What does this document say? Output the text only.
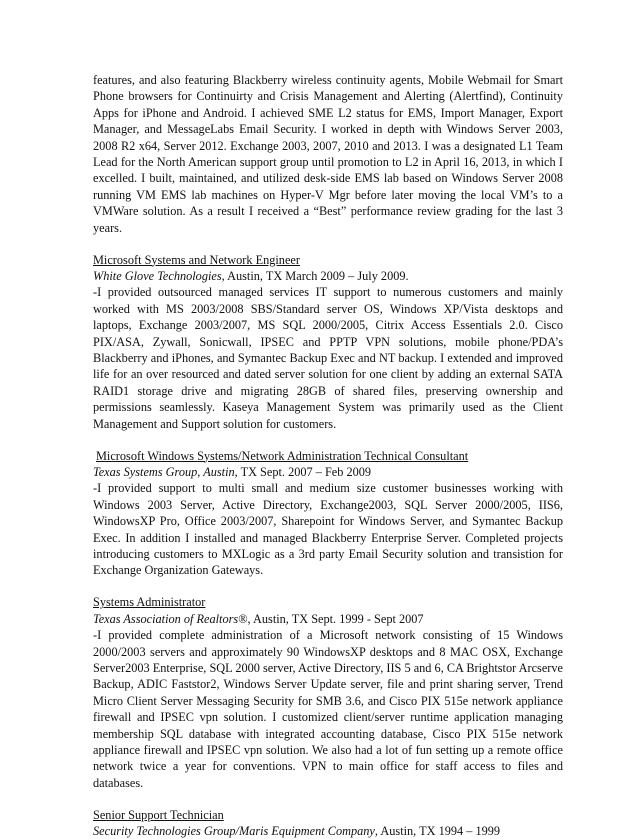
features, and also featuring Blackberry wireless continuity agents, Mobile Webmail for Smart Phone browsers for Continuirty and Crisis Management and Alerting (Alertfind), Continuity Apps for iPhone and Android. I achieved SME L2 status for EMS, Import Manager, Export Manager, and MessageLabs Email Security. I worked in depth with Windows Server 2003, 2008 R2 x64, Server 2012. Exchange 2003, 2007, 2010 and 2013. I was a designated L1 Team Lead for the North American support group until promotion to L2 in April 16, 2013, in which I excelled. I built, maintained, and utilized desk-side EMS lab based on Windows Server 2008 running VM EMS lab machines on Hyper-V Mgr before later moving the local VM’s to a VMWare solution. As a result I received a “Best” performance review grading for the last 3 years.

Microsoft Systems and Network Engineer

White Glove Technologies, Austin, TX March 2009 – July 2009.

-I provided outsourced managed services IT support to numerous customers and mainly worked with MS 2003/2008 SBS/Standard server OS, Windows XP/Vista desktops and laptops, Exchange 2003/2007, MS SQL 2000/2005, Citrix Access Essentials 2.0. Cisco PIX/ASA, Zywall, Sonicwall, IPSEC and PPTP VPN solutions, mobile phone/PDA’s Blackberry and iPhones, and Symantec Backup Exec and NT backup. I extended and improved life for an over resourced and dated server solution for one client by adding an external SATA RAID1 storage drive and migrating 28GB of shared files, preserving ownership and permissions seamlessly. Kaseya Management System was primarily used as the Client Management and Support solution for customers.

Microsoft Windows Systems/Network Administration Technical Consultant

Texas Systems Group, Austin, TX Sept. 2007 – Feb 2009

-I provided support to multi small and medium size customer businesses working with Windows 2003 Server, Active Directory, Exchange2003, SQL Server 2000/2005, IIS6, WindowsXP Pro, Office 2003/2007, Sharepoint for Windows Server, and Symantec Backup Exec. In addition I installed and managed Blackberry Enterprise Server. Completed projects introducing customers to MXLogic as a 3rd party Email Security solution and transistion for Exchange Organization Gateways.

Systems Administrator

Texas Association of Realtors®, Austin, TX Sept. 1999 - Sept 2007

-I provided complete administration of a Microsoft network consisting of 15 Windows 2000/2003 servers and approximately 90 WindowsXP desktops and 8 MAC OSX, Exchange Server2003 Enterprise, SQL 2000 server, Active Directory, IIS 5 and 6, CA Brightstor Arcserve Backup, ADIC Faststor2, Windows Server Update server, file and print sharing server, Trend Micro Client Server Messaging Security for SMB 3.6, and Cisco PIX 515e network appliance firewall and IPSEC vpn solution. I customized client/server runtime application managing membership SQL database with integrated accounting database, Cisco PIX 515e network appliance firewall and IPSEC vpn solution. We also had a lot of fun setting up a remote office network twice a year for conventions. VPN to main office for staff access to files and databases.

Senior Support Technician

Security Technologies Group/Maris Equipment Company, Austin, TX 1994 – 1999
